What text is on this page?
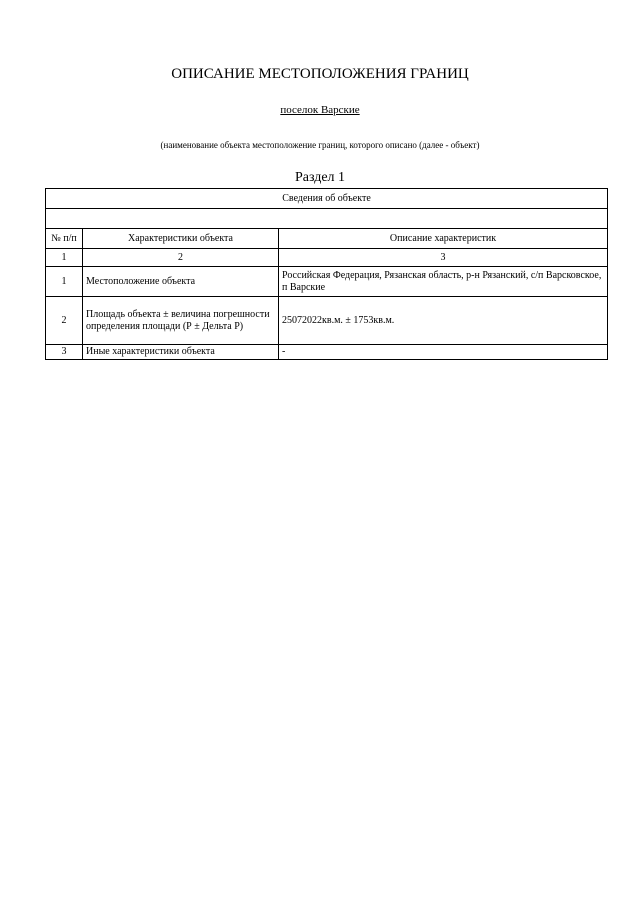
ОПИСАНИЕ МЕСТОПОЛОЖЕНИЯ ГРАНИЦ
поселок Варские
(наименование объекта местоположение границ, которого описано (далее - объект)
Раздел 1
Сведения об объекте		

№ п/п	Характеристики объекта	Описание характеристик
1	2	3
1	Местоположение объекта	Российская Федерация, Рязанская область, р-н Рязанский, с/п Варсковское, п Варские
2	Площадь объекта ± величина погрешности определения площади (Р ± Дельта Р)	25072022кв.м. ± 1753кв.м.
3	Иные характеристики объекта	-
